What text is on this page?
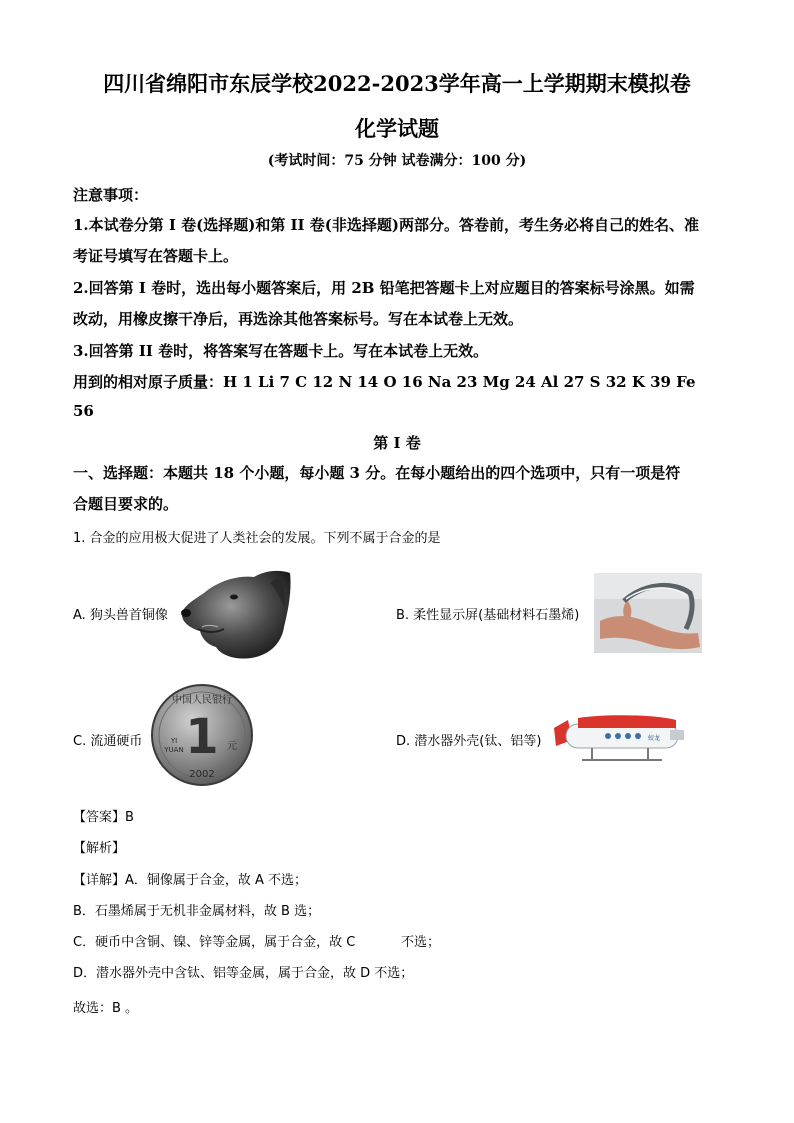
四川省绵阳市东辰学校2022-2023学年高一上学期期末模拟卷
化学试题
(考试时间：75 分钟 试卷满分：100 分)
注意事项：
1.本试卷分第 I 卷(选择题)和第 II 卷(非选择题)两部分。答卷前，考生务必将自己的姓名、准
考证号填写在答题卡上。
2.回答第 I 卷时，选出每小题答案后，用 2B 铅笔把答题卡上对应题目的答案标号涂黑。如需
改动，用橡皮擦干净后，再选涂其他答案标号。写在本试卷上无效。
3.回答第 II 卷时，将答案写在答题卡上。写在本试卷上无效。
用到的相对原子质量：H 1 Li 7 C 12 N 14 O 16 Na 23 Mg 24 Al 27 S 32 K 39 Fe
56
第 I 卷
一、选择题：本题共 18 个小题，每小题 3 分。在每小题给出的四个选项中，只有一项是符
合题目要求的。
1. 合金的应用极大促进了人类社会的发展。下列不属于合金的是
A. 狗头兽首铜像	B. 柔性显示屏(基础材料石墨烯)
C. 流通硬币
中国人民银行
1
YI
YUAN	元
2002
D. 潜水器外壳(钛、铝等)	蛟龙
【答案】B
【解析】
【详解】A．铜像属于合金，故 A 不选；
B．石墨烯属于无机非金属材料，故 B 选；
C．硬币中含铜、镍、锌等金属，属于合金，故 C	不选；
D．潜水器外壳中含钛、铝等金属，属于合金，故 D 不选；
故选：B 。
